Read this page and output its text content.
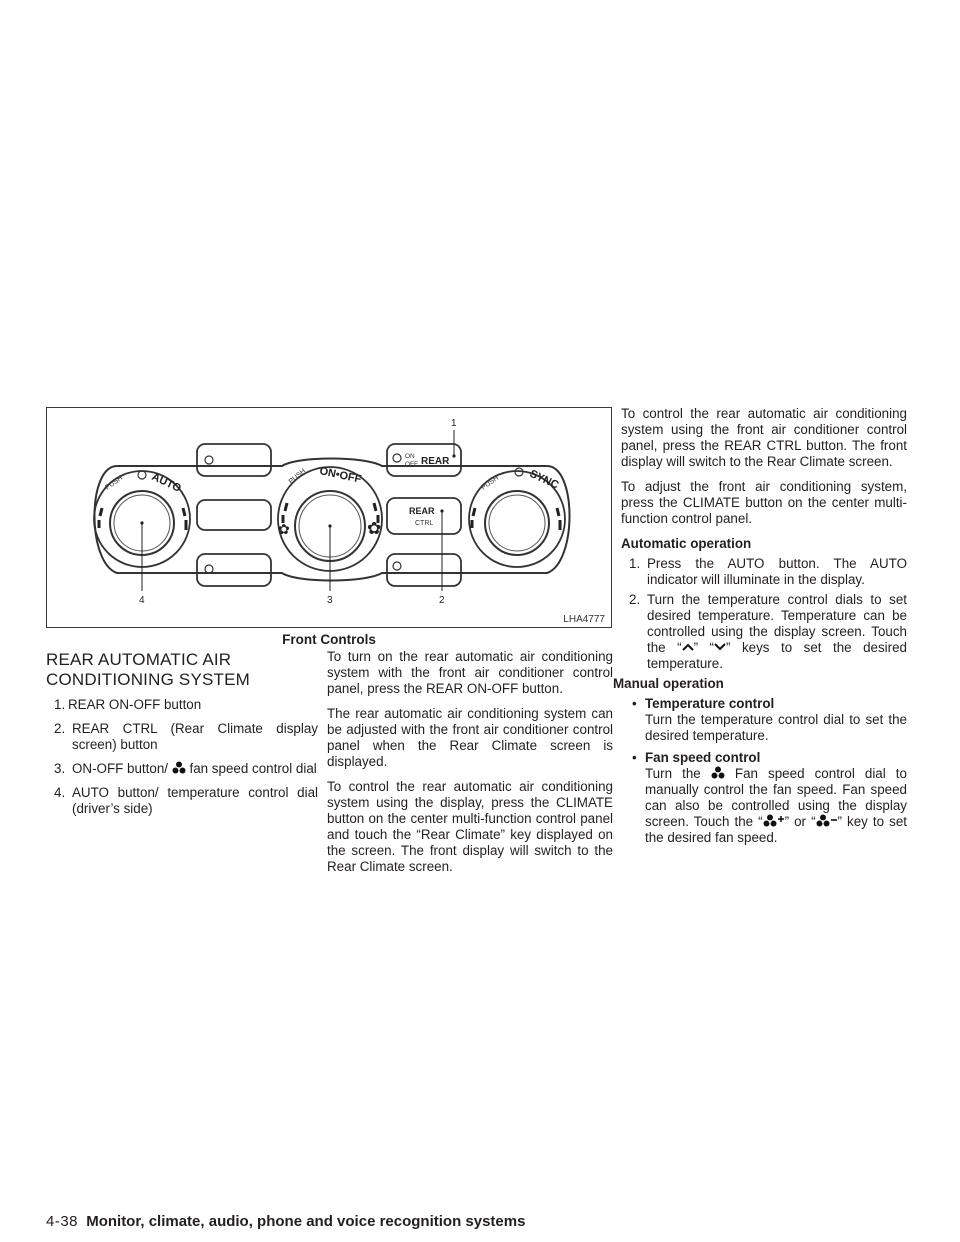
PUSH AUTO	PUSH ON•OFF	PUSH	SYNC
✿	✿
ON
OFF REAR
REAR
CTRL
1
2
3
4
LHA4777
Front Controls
REAR AUTOMATIC AIR
CONDITIONING SYSTEM
1. REAR ON-OFF button
2. REAR CTRL (Rear Climate display screen) button
3. ON-OFF button/ fan speed control dial
4. AUTO button/ temperature control dial (driver’s side)

To turn on the rear automatic air conditioning system with the front air conditioner control panel, press the REAR ON-OFF button.

The rear automatic air conditioning system can be adjusted with the front air conditioner control panel when the Rear Climate screen is displayed.

To control the rear automatic air conditioning system using the display, press the CLIMATE button on the center multi-function control panel and touch the “Rear Climate” key displayed on the screen. The front display will switch to the Rear Climate screen.

To control the rear automatic air conditioning system using the front air conditioner control panel, press the REAR CTRL button. The front display will switch to the Rear Climate screen.

To adjust the front air conditioning system, press the CLIMATE button on the center multi-function control panel.

Automatic operation
1. Press the AUTO button. The AUTO indicator will illuminate in the display.
2. Turn the temperature control dials to set desired temperature. Temperature can be controlled using the display screen. Touch the “ ” “ ” keys to set the desired temperature.
Manual operation
• Temperature control
Turn the temperature control dial to set the desired temperature.
• Fan speed control
Turn the	Fan speed control dial to manually control the fan speed. Fan speed can also be controlled using the display screen. Touch the “ ” or “ ” key to set the desired fan speed.
4-38 Monitor, climate, audio, phone and voice recognition systems
